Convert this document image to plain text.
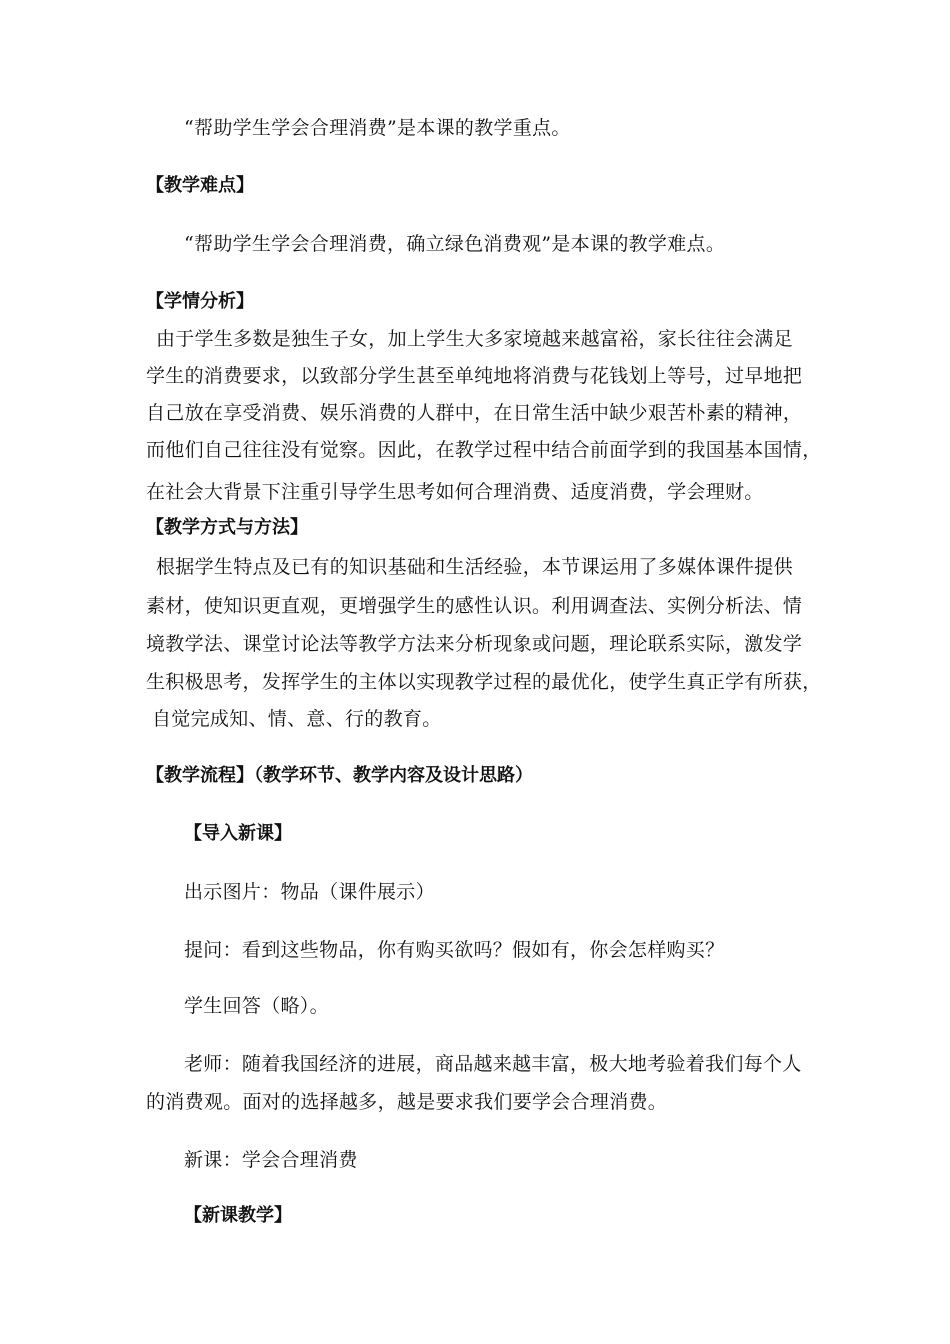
“帮助学生学会合理消费”是本课的教学重点。
【教学难点】
“帮助学生学会合理消费，确立绿色消费观”是本课的教学难点。
【学情分析】
由于学生多数是独生子女，加上学生大多家境越来越富裕，家长往往会满足
学生的消费要求，以致部分学生甚至单纯地将消费与花钱划上等号，过早地把
自己放在享受消费、娱乐消费的人群中，在日常生活中缺少艰苦朴素的精神，
而他们自己往往没有觉察。因此，在教学过程中结合前面学到的我国基本国情，
在社会大背景下注重引导学生思考如何合理消费、适度消费，学会理财。
【教学方式与方法】
根据学生特点及已有的知识基础和生活经验，本节课运用了多媒体课件提供
素材，使知识更直观，更增强学生的感性认识。利用调查法、实例分析法、情
境教学法、课堂讨论法等教学方法来分析现象或问题，理论联系实际，激发学
生积极思考，发挥学生的主体以实现教学过程的最优化，使学生真正学有所获，
自觉完成知、情、意、行的教育。
【教学流程】（教学环节、教学内容及设计思路）
【导入新课】
出示图片：物品（课件展示）
提问：看到这些物品，你有购买欲吗？假如有，你会怎样购买？
学生回答（略）。
老师：随着我国经济的进展，商品越来越丰富，极大地考验着我们每个人
的消费观。面对的选择越多，越是要求我们要学会合理消费。
新课：学会合理消费
【新课教学】
